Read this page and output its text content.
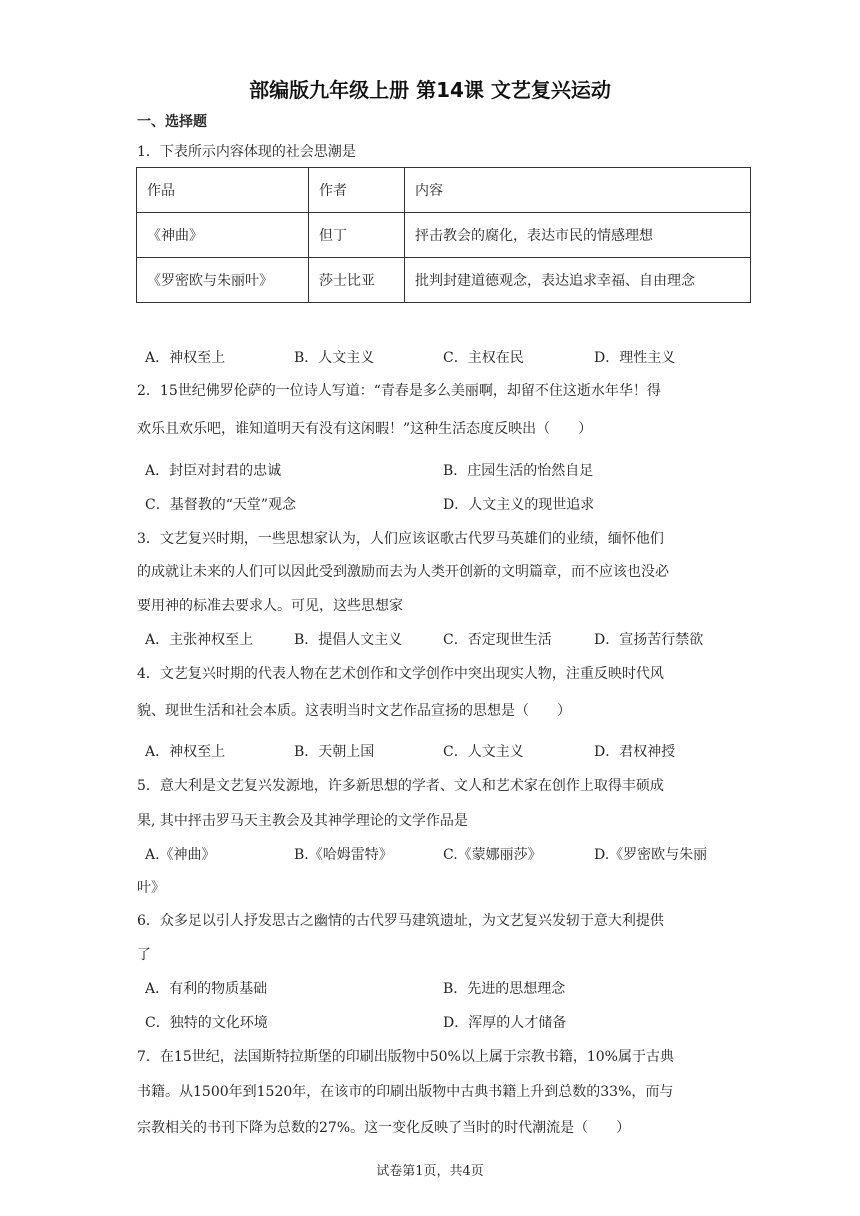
部编版九年级上册 第14课 文艺复兴运动
一、选择题
1．下表所示内容体现的社会思潮是
作品	作者	内容
《神曲》	但丁	抨击教会的腐化，表达市民的情感理想
《罗密欧与朱丽叶》	莎士比亚	批判封建道德观念，表达追求幸福、自由理念
A．神权至上	B．人文主义	C．主权在民	D．理性主义
2．15世纪佛罗伦萨的一位诗人写道：“青春是多么美丽啊，却留不住这逝水年华！得
欢乐且欢乐吧，谁知道明天有没有这闲暇！”这种生活态度反映出（　　）
A．封臣对封君的忠诚	B．庄园生活的怡然自足
C．基督教的“天堂”观念	D．人文主义的现世追求
3．文艺复兴时期，一些思想家认为，人们应该讴歌古代罗马英雄们的业绩，缅怀他们
的成就让未来的人们可以因此受到激励而去为人类开创新的文明篇章，而不应该也没必
要用神的标准去要求人。可见，这些思想家
A．主张神权至上	B．提倡人文主义	C．否定现世生活	D．宣扬苦行禁欲
4．文艺复兴时期的代表人物在艺术创作和文学创作中突出现实人物，注重反映时代风
貌、现世生活和社会本质。这表明当时文艺作品宣扬的思想是（　　）
A．神权至上	B．天朝上国	C．人文主义	D．君权神授
5．意大利是文艺复兴发源地，许多新思想的学者、文人和艺术家在创作上取得丰硕成
果, 其中抨击罗马天主教会及其神学理论的文学作品是
A.《神曲》	B.《哈姆雷特》	C.《蒙娜丽莎》	D.《罗密欧与朱丽
叶》
6．众多足以引人抒发思古之幽情的古代罗马建筑遗址，为文艺复兴发轫于意大利提供
了
A．有利的物质基础	B．先进的思想理念
C．独特的文化环境	D．浑厚的人才储备
7．在15世纪，法国斯特拉斯堡的印刷出版物中50%以上属于宗教书籍，10%属于古典
书籍。从1500年到1520年，在该市的印刷出版物中古典书籍上升到总数的33%，而与
宗教相关的书刊下降为总数的27%。这一变化反映了当时的时代潮流是（　　）
试卷第1页，共4页
